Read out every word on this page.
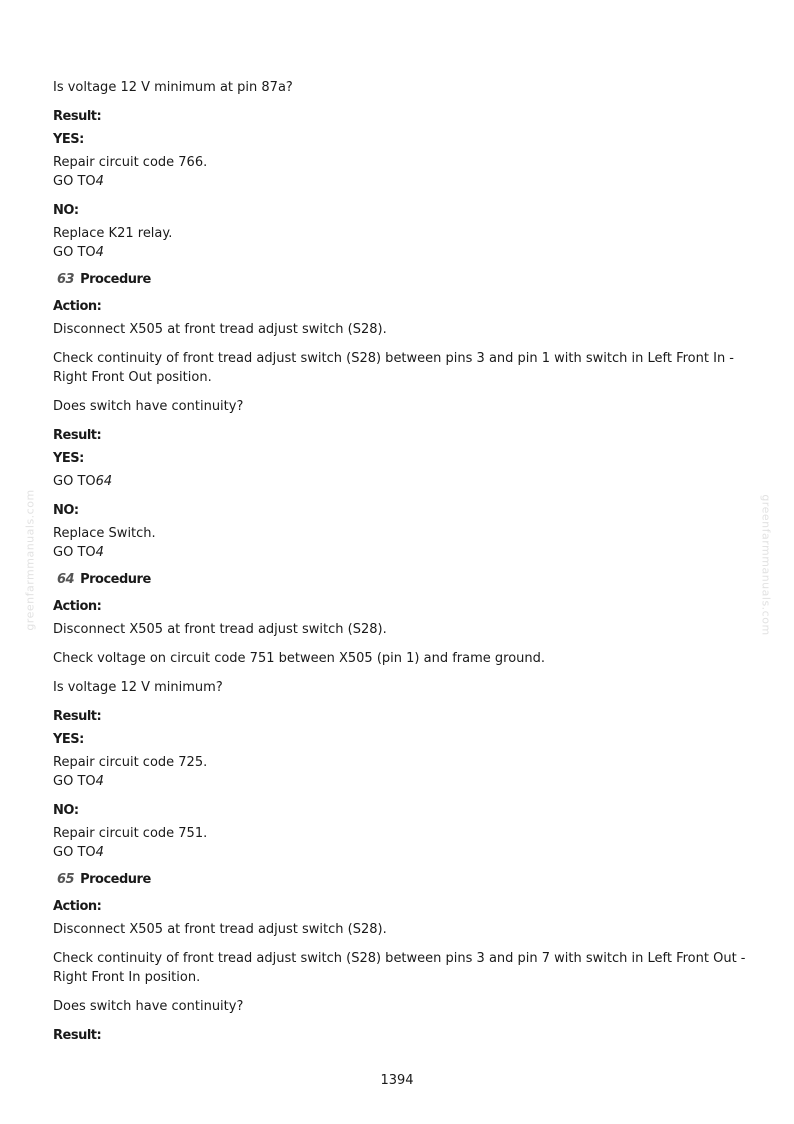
greenfarmmanuals.com	greenfarmmanuals.com

Is voltage 12 V minimum at pin 87a?

Result:

YES:

Repair circuit code 766.
GO TO4

NO:

Replace K21 relay.
GO TO4

63 Procedure

Action:

Disconnect X505 at front tread adjust switch (S28).

Check continuity of front tread adjust switch (S28) between pins 3 and pin 1 with switch in Left Front In - Right Front Out position.

Does switch have continuity?

Result:

YES:

GO TO64

NO:

Replace Switch.
GO TO4

64 Procedure

Action:

Disconnect X505 at front tread adjust switch (S28).

Check voltage on circuit code 751 between X505 (pin 1) and frame ground.

Is voltage 12 V minimum?

Result:

YES:

Repair circuit code 725.
GO TO4

NO:

Repair circuit code 751.
GO TO4

65 Procedure

Action:

Disconnect X505 at front tread adjust switch (S28).

Check continuity of front tread adjust switch (S28) between pins 3 and pin 7 with switch in Left Front Out - Right Front In position.

Does switch have continuity?

Result:

1394
